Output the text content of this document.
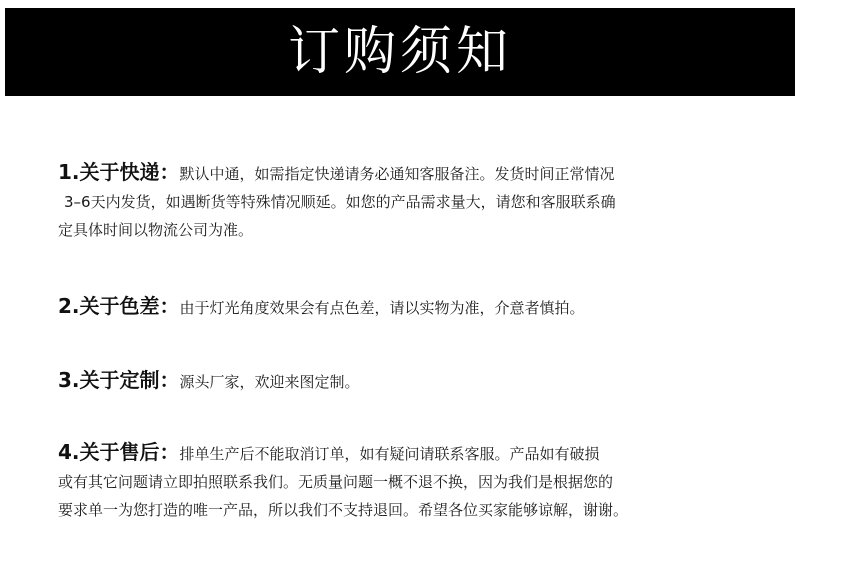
订购须知
1.关于快递：默认中通，如需指定快递请务必通知客服备注。发货时间正常情况
3–6天内发货，如遇断货等特殊情况顺延。如您的产品需求量大，请您和客服联系确
定具体时间以物流公司为准。
2.关于色差：由于灯光角度效果会有点色差，请以实物为准，介意者慎拍。
3.关于定制：源头厂家，欢迎来图定制。
4.关于售后：排单生产后不能取消订单，如有疑问请联系客服。产品如有破损
或有其它问题请立即拍照联系我们。无质量问题一概不退不换，因为我们是根据您的
要求单一为您打造的唯一产品，所以我们不支持退回。希望各位买家能够谅解，谢谢。
